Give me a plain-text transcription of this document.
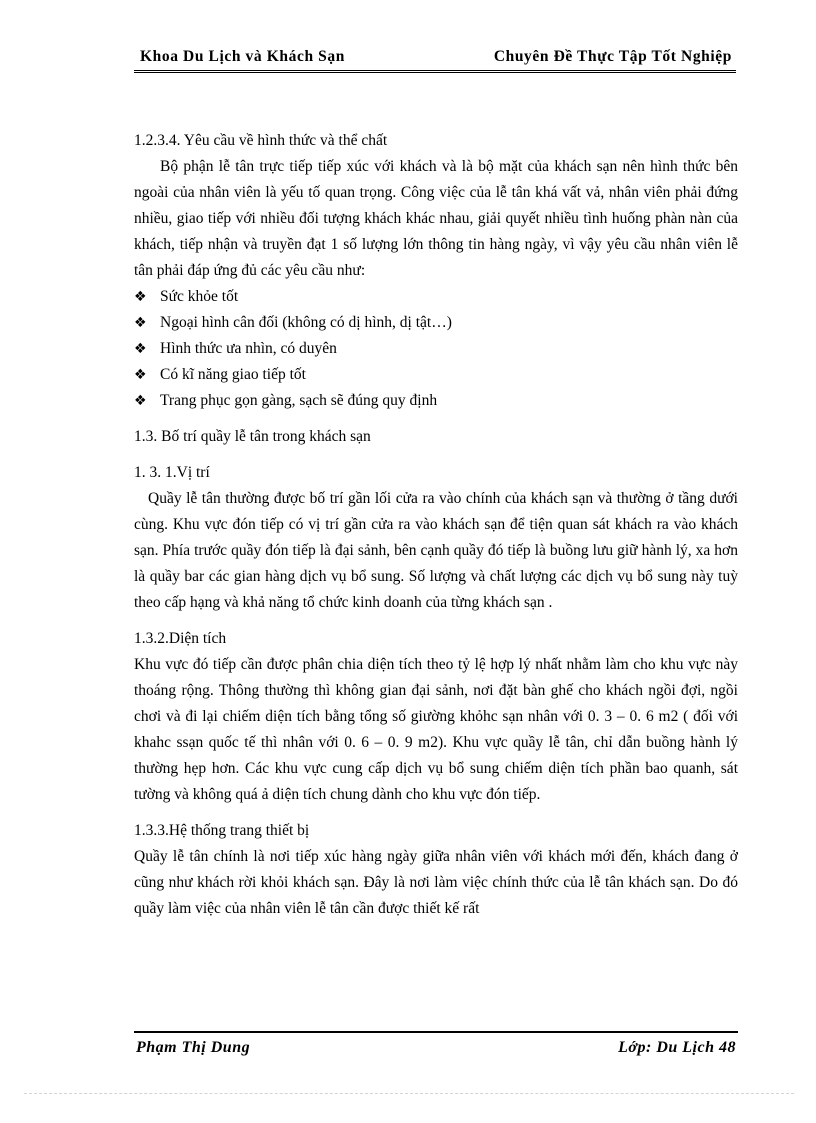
Khoa Du Lịch và Khách Sạn	Chuyên Đề Thực Tập Tốt Nghiệp

1.2.3.4. Yêu cầu về hình thức và thể chất

Bộ phận lễ tân trực tiếp tiếp xúc với khách và là bộ mặt của khách sạn nên hình thức bên ngoài của nhân viên là yếu tố quan trọng. Công việc của lễ tân khá vất vả, nhân viên phải đứng nhiều, giao tiếp với nhiều đối tượng khách khác nhau, giải quyết nhiều tình huống phàn nàn của khách, tiếp nhận và truyền đạt 1 số lượng lớn thông tin hàng ngày, vì vậy yêu cầu nhân viên lễ tân phải đáp ứng đủ các yêu cầu như:

❖ Sức khỏe tốt
❖ Ngoại hình cân đối (không có dị hình, dị tật…)
❖ Hình thức ưa nhìn, có duyên
❖ Có kĩ năng giao tiếp tốt
❖ Trang phục gọn gàng, sạch sẽ đúng quy định

1.3. Bố trí quầy lễ tân trong khách sạn

1. 3. 1.Vị trí

Quầy lễ tân thường được bố trí gần lối cửa ra vào chính của khách sạn và thường ở tầng dưới cùng. Khu vực đón tiếp có vị trí gần cửa ra vào khách sạn để tiện quan sát khách ra vào khách sạn. Phía trước quầy đón tiếp là đại sảnh, bên cạnh quầy đó tiếp là buồng lưu giữ hành lý, xa hơn là quầy bar các gian hàng dịch vụ bổ sung. Số lượng và chất lượng các dịch vụ bổ sung này tuỳ theo cấp hạng và khả năng tổ chức kinh doanh của từng khách sạn .

1.3.2.Diện tích

Khu vực đó tiếp cần được phân chia diện tích theo tỷ lệ hợp lý nhất nhằm làm cho khu vực này thoáng rộng. Thông thường thì không gian đại sảnh, nơi đặt bàn ghế cho khách ngồi đợi, ngồi chơi và đi lại chiếm diện tích bằng tổng số giường khỏhc sạn nhân với 0. 3 – 0. 6 m2 ( đối với khahc ssạn quốc tế thì nhân với 0. 6 – 0. 9 m2). Khu vực quầy lễ tân, chỉ dẫn buồng hành lý thường hẹp hơn. Các khu vực cung cấp dịch vụ bổ sung chiếm diện tích phần bao quanh, sát tường và không quá ả diện tích chung dành cho khu vực đón tiếp.

1.3.3.Hệ thống trang thiết bị

Quầy lễ tân chính là nơi tiếp xúc hàng ngày giữa nhân viên với khách mới đến, khách đang ở cũng như khách rời khỏi khách sạn. Đây là nơi làm việc chính thức của lễ tân khách sạn. Do đó quầy làm việc của nhân viên lễ tân cần được thiết kế rất

Phạm Thị Dung	Lớp: Du Lịch 48
